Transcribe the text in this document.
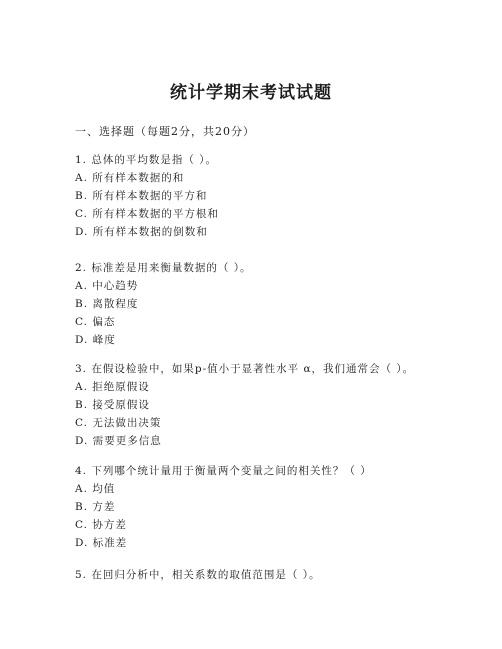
统计学期末考试试题
一、选择题（每题2分，共20分）
1. 总体的平均数是指（ ）。
A. 所有样本数据的和
B. 所有样本数据的平方和
C. 所有样本数据的平方根和
D. 所有样本数据的倒数和
2. 标准差是用来衡量数据的（ ）。
A. 中心趋势
B. 离散程度
C. 偏态
D. 峰度
3. 在假设检验中，如果p-值小于显著性水平 α，我们通常会（ ）。
A. 拒绝原假设
B. 接受原假设
C. 无法做出决策
D. 需要更多信息
4. 下列哪个统计量用于衡量两个变量之间的相关性？（ ）
A. 均值
B. 方差
C. 协方差
D. 标准差
5. 在回归分析中，相关系数的取值范围是（ ）。
